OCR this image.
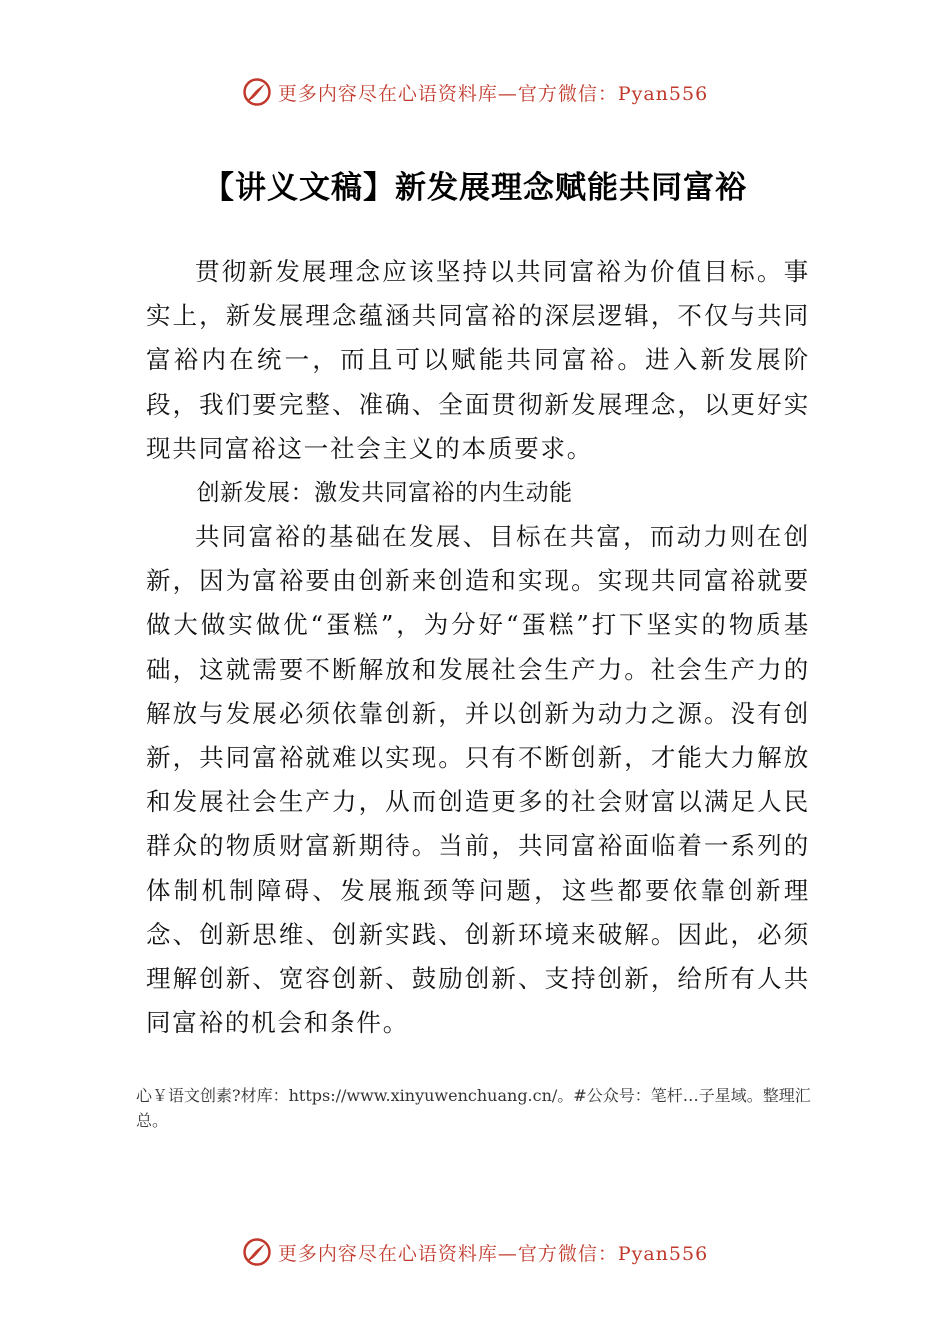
更多内容尽在心语资料库—官方微信：Pyan556
【讲义文稿】新发展理念赋能共同富裕

贯彻新发展理念应该坚持以共同富裕为价值目标。事实上，新发展理念蕴涵共同富裕的深层逻辑，不仅与共同富裕内在统一，而且可以赋能共同富裕。进入新发展阶段，我们要完整、准确、全面贯彻新发展理念，以更好实现共同富裕这一社会主义的本质要求。

创新发展：激发共同富裕的内生动能

共同富裕的基础在发展、目标在共富，而动力则在创新，因为富裕要由创新来创造和实现。实现共同富裕就要做大做实做优“蛋糕”，为分好“蛋糕”打下坚实的物质基础，这就需要不断解放和发展社会生产力。社会生产力的解放与发展必须依靠创新，并以创新为动力之源。没有创新，共同富裕就难以实现。只有不断创新，才能大力解放和发展社会生产力，从而创造更多的社会财富以满足人民群众的物质财富新期待。当前，共同富裕面临着一系列的体制机制障碍、发展瓶颈等问题，这些都要依靠创新理念、创新思维、创新实践、创新环境来破解。因此，必须理解创新、宽容创新、鼓励创新、支持创新，给所有人共同富裕的机会和条件。

心￥语文创素?材库：https://www.xinyuwenchuang.cn/。#公众号：笔杆…子星域。整理汇总。

更多内容尽在心语资料库—官方微信：Pyan556
